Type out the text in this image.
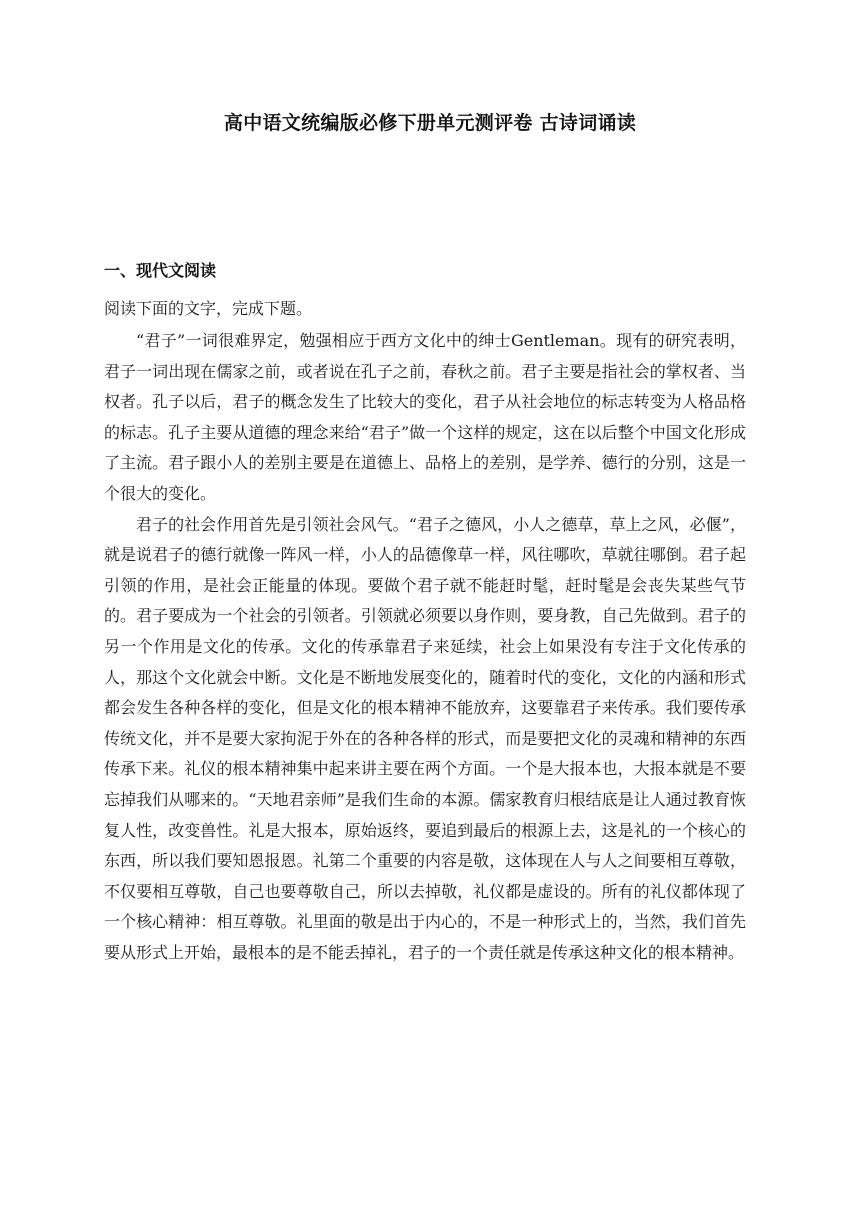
高中语文统编版必修下册单元测评卷 古诗词诵读
一、现代文阅读
阅读下面的文字，完成下题。

“君子”一词很难界定，勉强相应于西方文化中的绅士Gentleman。现有的研究表明，君子一词出现在儒家之前，或者说在孔子之前，春秋之前。君子主要是指社会的掌权者、当权者。孔子以后，君子的概念发生了比较大的变化，君子从社会地位的标志转变为人格品格的标志。孔子主要从道德的理念来给“君子”做一个这样的规定，这在以后整个中国文化形成了主流。君子跟小人的差别主要是在道德上、品格上的差别，是学养、德行的分别，这是一个很大的变化。

君子的社会作用首先是引领社会风气。“君子之德风，小人之德草，草上之风，必偃”，就是说君子的德行就像一阵风一样，小人的品德像草一样，风往哪吹，草就往哪倒。君子起引领的作用，是社会正能量的体现。要做个君子就不能赶时髦，赶时髦是会丧失某些气节的。君子要成为一个社会的引领者。引领就必须要以身作则，要身教，自己先做到。君子的另一个作用是文化的传承。文化的传承靠君子来延续，社会上如果没有专注于文化传承的人，那这个文化就会中断。文化是不断地发展变化的，随着时代的变化，文化的内涵和形式都会发生各种各样的变化，但是文化的根本精神不能放弃，这要靠君子来传承。我们要传承传统文化，并不是要大家拘泥于外在的各种各样的形式，而是要把文化的灵魂和精神的东西传承下来。礼仪的根本精神集中起来讲主要在两个方面。一个是大报本也，大报本就是不要忘掉我们从哪来的。“天地君亲师”是我们生命的本源。儒家教育归根结底是让人通过教育恢复人性，改变兽性。礼是大报本，原始返终，要追到最后的根源上去，这是礼的一个核心的东西，所以我们要知恩报恩。礼第二个重要的内容是敬，这体现在人与人之间要相互尊敬，不仅要相互尊敬，自己也要尊敬自己，所以去掉敬，礼仪都是虚设的。所有的礼仪都体现了一个核心精神：相互尊敬。礼里面的敬是出于内心的，不是一种形式上的，当然，我们首先要从形式上开始，最根本的是不能丢掉礼，君子的一个责任就是传承这种文化的根本精神。
